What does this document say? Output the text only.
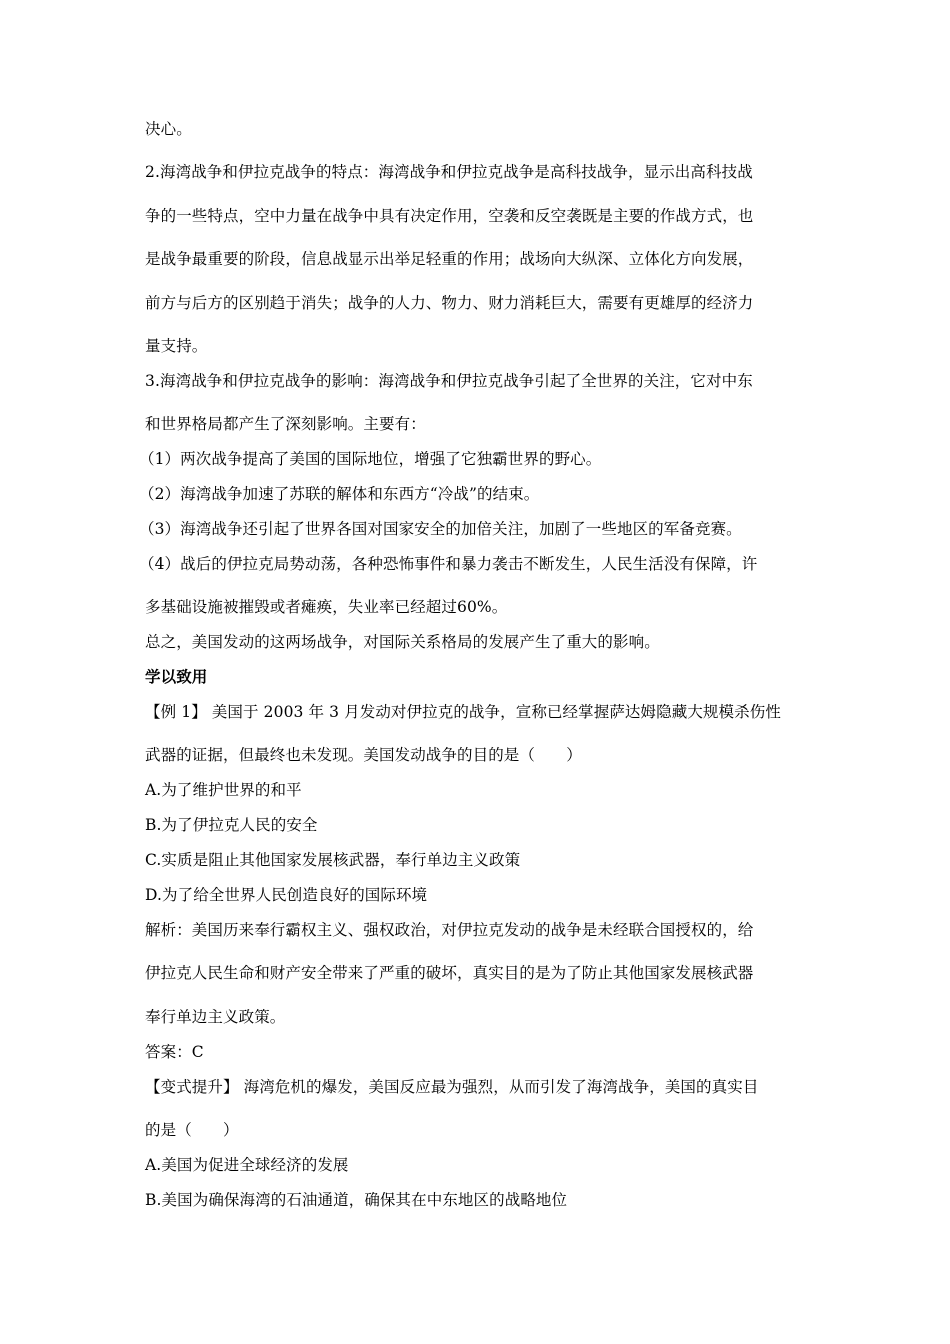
决心。
2.海湾战争和伊拉克战争的特点：海湾战争和伊拉克战争是高科技战争，显示出高科技战
争的一些特点，空中力量在战争中具有决定作用，空袭和反空袭既是主要的作战方式，也
是战争最重要的阶段，信息战显示出举足轻重的作用；战场向大纵深、立体化方向发展，
前方与后方的区别趋于消失；战争的人力、物力、财力消耗巨大，需要有更雄厚的经济力
量支持。
3.海湾战争和伊拉克战争的影响：海湾战争和伊拉克战争引起了全世界的关注，它对中东
和世界格局都产生了深刻影响。主要有：
（1）两次战争提高了美国的国际地位，增强了它独霸世界的野心。
（2）海湾战争加速了苏联的解体和东西方“冷战”的结束。
（3）海湾战争还引起了世界各国对国家安全的加倍关注，加剧了一些地区的军备竞赛。
（4）战后的伊拉克局势动荡，各种恐怖事件和暴力袭击不断发生，人民生活没有保障，许
多基础设施被摧毁或者瘫痪，失业率已经超过60%。
总之，美国发动的这两场战争，对国际关系格局的发展产生了重大的影响。
学以致用
【例 1】 美国于 2003 年 3 月发动对伊拉克的战争，宣称已经掌握萨达姆隐藏大规模杀伤性
武器的证据，但最终也未发现。美国发动战争的目的是（　　）
A.为了维护世界的和平
B.为了伊拉克人民的安全
C.实质是阻止其他国家发展核武器，奉行单边主义政策
D.为了给全世界人民创造良好的国际环境
解析：美国历来奉行霸权主义、强权政治，对伊拉克发动的战争是未经联合国授权的，给
伊拉克人民生命和财产安全带来了严重的破坏，真实目的是为了防止其他国家发展核武器
奉行单边主义政策。
答案：C
【变式提升】 海湾危机的爆发，美国反应最为强烈，从而引发了海湾战争，美国的真实目
的是（　　）
A.美国为促进全球经济的发展
B.美国为确保海湾的石油通道，确保其在中东地区的战略地位
